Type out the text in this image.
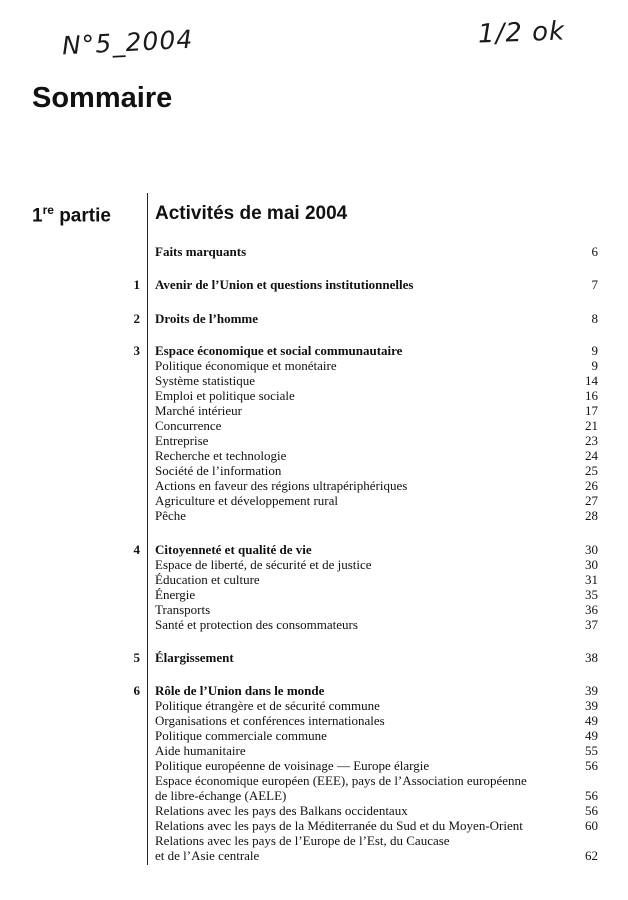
N°5_2004	1/2 ok
Sommaire
1re partie Activités de mai 2004
Faits marquants	6
1 Avenir de l’Union et questions institutionnelles	7
2 Droits de l’homme	8
3 Espace économique et social communautaire	9
Politique économique et monétaire	9
Système statistique	14
Emploi et politique sociale	16
Marché intérieur	17
Concurrence	21
Entreprise	23
Recherche et technologie	24
Société de l’information	25
Actions en faveur des régions ultrapériphériques	26
Agriculture et développement rural	27
Pêche	28
4 Citoyenneté et qualité de vie	30
Espace de liberté, de sécurité et de justice	30
Éducation et culture	31
Énergie	35
Transports	36
Santé et protection des consommateurs	37
5 Élargissement	38
6 Rôle de l’Union dans le monde	39
Politique étrangère et de sécurité commune	39
Organisations et conférences internationales	49
Politique commerciale commune	49
Aide humanitaire	55
Politique européenne de voisinage — Europe élargie	56
Espace économique européen (EEE), pays de l’Association européenne
de libre-échange (AELE)	56
Relations avec les pays des Balkans occidentaux	56
Relations avec les pays de la Méditerranée du Sud et du Moyen-Orient	60
Relations avec les pays de l’Europe de l’Est, du Caucase
et de l’Asie centrale	62
